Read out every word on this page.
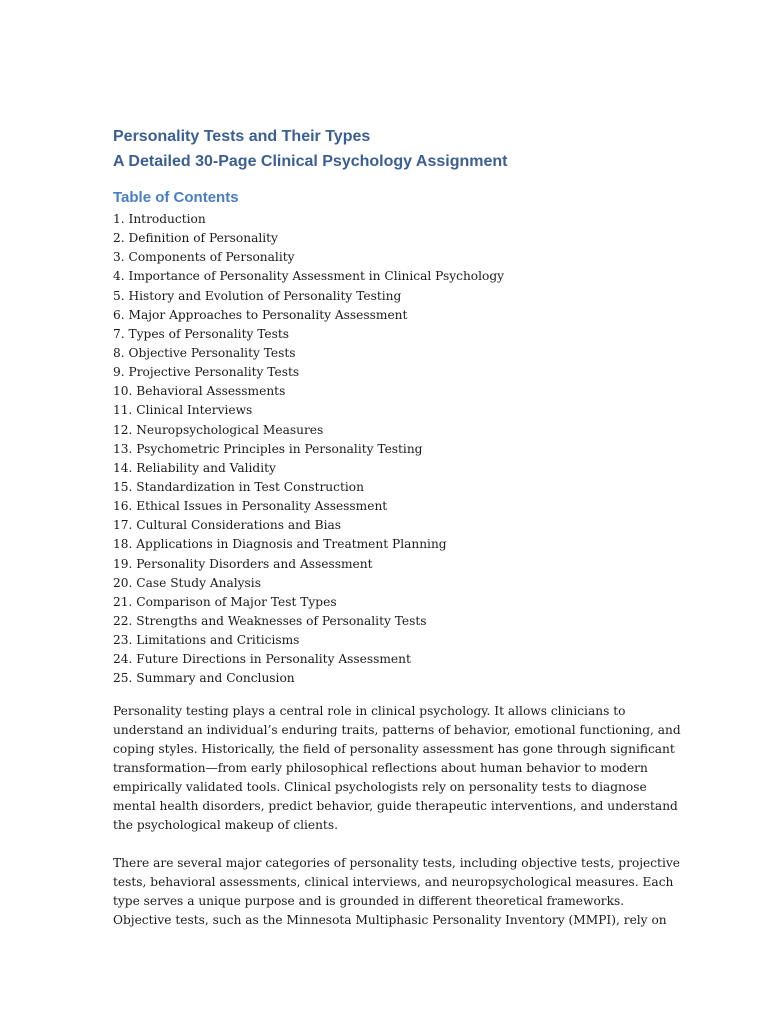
Personality Tests and Their Types
A Detailed 30-Page Clinical Psychology Assignment
Table of Contents
1. Introduction
2. Definition of Personality
3. Components of Personality
4. Importance of Personality Assessment in Clinical Psychology
5. History and Evolution of Personality Testing
6. Major Approaches to Personality Assessment
7. Types of Personality Tests
8. Objective Personality Tests
9. Projective Personality Tests
10. Behavioral Assessments
11. Clinical Interviews
12. Neuropsychological Measures
13. Psychometric Principles in Personality Testing
14. Reliability and Validity
15. Standardization in Test Construction
16. Ethical Issues in Personality Assessment
17. Cultural Considerations and Bias
18. Applications in Diagnosis and Treatment Planning
19. Personality Disorders and Assessment
20. Case Study Analysis
21. Comparison of Major Test Types
22. Strengths and Weaknesses of Personality Tests
23. Limitations and Criticisms
24. Future Directions in Personality Assessment
25. Summary and Conclusion

Personality testing plays a central role in clinical psychology. It allows clinicians to
understand an individual’s enduring traits, patterns of behavior, emotional functioning, and
coping styles. Historically, the field of personality assessment has gone through significant
transformation—from early philosophical reflections about human behavior to modern
empirically validated tools. Clinical psychologists rely on personality tests to diagnose
mental health disorders, predict behavior, guide therapeutic interventions, and understand
the psychological makeup of clients.

There are several major categories of personality tests, including objective tests, projective
tests, behavioral assessments, clinical interviews, and neuropsychological measures. Each
type serves a unique purpose and is grounded in different theoretical frameworks.
Objective tests, such as the Minnesota Multiphasic Personality Inventory (MMPI), rely on
